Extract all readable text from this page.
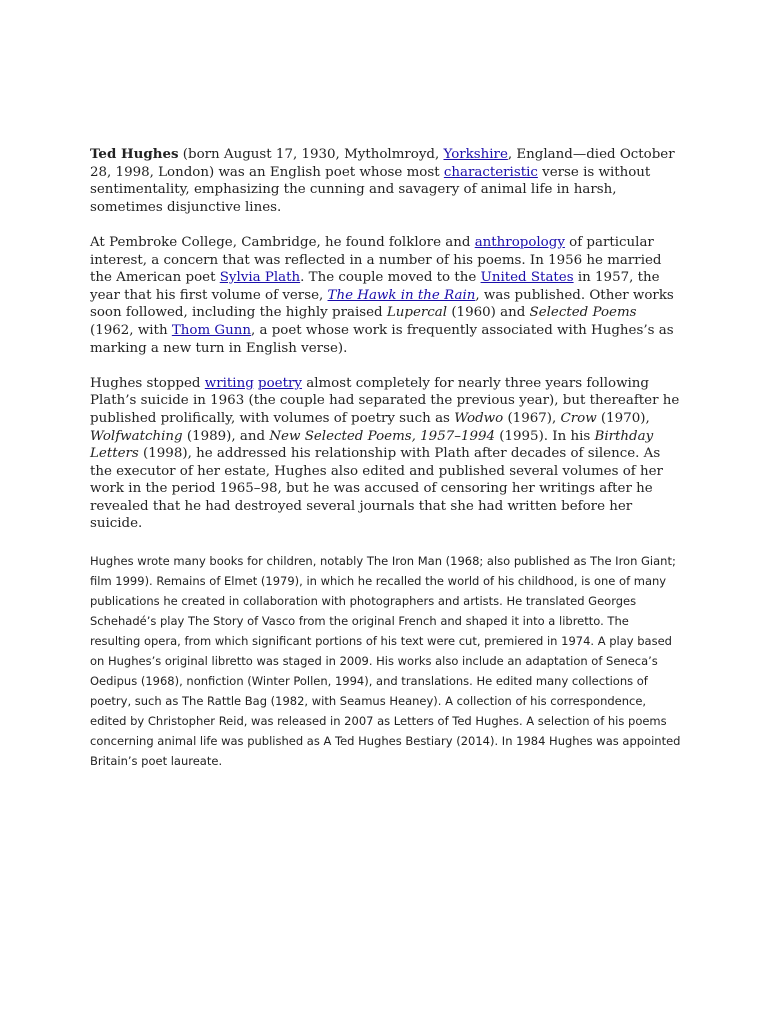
Ted Hughes (born August 17, 1930, Mytholmroyd, Yorkshire, England—died October 28, 1998, London) was an English poet whose most characteristic verse is without sentimentality, emphasizing the cunning and savagery of animal life in harsh, sometimes disjunctive lines.

At Pembroke College, Cambridge, he found folklore and anthropology of particular interest, a concern that was reflected in a number of his poems. In 1956 he married the American poet Sylvia Plath. The couple moved to the United States in 1957, the year that his first volume of verse, The Hawk in the Rain, was published. Other works soon followed, including the highly praised Lupercal (1960) and Selected Poems (1962, with Thom Gunn, a poet whose work is frequently associated with Hughes’s as marking a new turn in English verse).

Hughes stopped writing poetry almost completely for nearly three years following Plath’s suicide in 1963 (the couple had separated the previous year), but thereafter he published prolifically, with volumes of poetry such as Wodwo (1967), Crow (1970), Wolfwatching (1989), and New Selected Poems, 1957–1994 (1995). In his Birthday Letters (1998), he addressed his relationship with Plath after decades of silence. As the executor of her estate, Hughes also edited and published several volumes of her work in the period 1965–98, but he was accused of censoring her writings after he revealed that he had destroyed several journals that she had written before her suicide.

Hughes wrote many books for children, notably The Iron Man (1968; also published as The Iron Giant; film 1999). Remains of Elmet (1979), in which he recalled the world of his childhood, is one of many publications he created in collaboration with photographers and artists. He translated Georges Schehadé’s play The Story of Vasco from the original French and shaped it into a libretto. The resulting opera, from which significant portions of his text were cut, premiered in 1974. A play based on Hughes’s original libretto was staged in 2009. His works also include an adaptation of Seneca’s Oedipus (1968), nonfiction (Winter Pollen, 1994), and translations. He edited many collections of poetry, such as The Rattle Bag (1982, with Seamus Heaney). A collection of his correspondence, edited by Christopher Reid, was released in 2007 as Letters of Ted Hughes. A selection of his poems concerning animal life was published as A Ted Hughes Bestiary (2014). In 1984 Hughes was appointed Britain’s poet laureate.
